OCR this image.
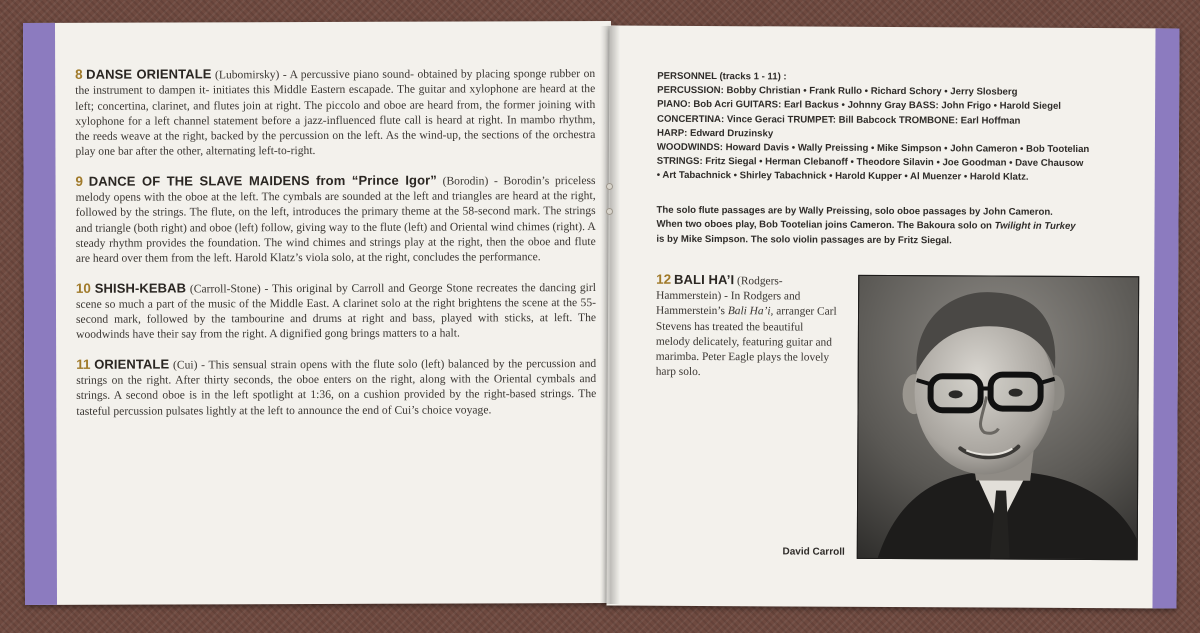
8 DANSE ORIENTALE (Lubomirsky) - A percussive piano sound- obtained by placing sponge rubber on the instrument to dampen it- initiates this Middle Eastern escapade. The guitar and xylophone are heard at the left; concertina, clarinet, and flutes join at right. The piccolo and oboe are heard from, the former joining with xylophone for a left channel statement before a jazz-influenced flute call is heard at right. In mambo rhythm, the reeds weave at the right, backed by the percussion on the left. As the wind-up, the sections of the orchestra play one bar after the other, alternating left-to-right.

9 DANCE OF THE SLAVE MAIDENS from “Prince Igor” (Borodin) - Borodin’s priceless melody opens with the oboe at the left. The cymbals are sounded at the left and triangles are heard at the right, followed by the strings. The flute, on the left, introduces the primary theme at the 58-second mark. The strings and triangle (both right) and oboe (left) follow, giving way to the flute (left) and Oriental wind chimes (right). A steady rhythm provides the foundation. The wind chimes and strings play at the right, then the oboe and flute are heard over them from the left. Harold Klatz’s viola solo, at the right, concludes the performance.

10 SHISH-KEBAB (Carroll-Stone) - This original by Carroll and George Stone recreates the dancing girl scene so much a part of the music of the Middle East. A clarinet solo at the right brightens the scene at the 55-second mark, followed by the tambourine and drums at right and bass, played with sticks, at left. The woodwinds have their say from the right. A dignified gong brings matters to a halt.

11 ORIENTALE (Cui) - This sensual strain opens with the flute solo (left) balanced by the percussion and strings on the right. After thirty seconds, the oboe enters on the right, along with the Oriental cymbals and strings. A second oboe is in the left spotlight at 1:36, on a cushion provided by the right-based strings. The tasteful percussion pulsates lightly at the left to announce the end of Cui’s choice voyage.

PERSONNEL (tracks 1 - 11) :
PERCUSSION: Bobby Christian • Frank Rullo • Richard Schory • Jerry Slosberg
PIANO: Bob Acri GUITARS: Earl Backus • Johnny Gray BASS: John Frigo • Harold Siegel
CONCERTINA: Vince Geraci TRUMPET: Bill Babcock TROMBONE: Earl Hoffman
HARP: Edward Druzinsky
WOODWINDS: Howard Davis • Wally Preissing • Mike Simpson • John Cameron • Bob Tootelian
STRINGS: Fritz Siegal • Herman Clebanoff • Theodore Silavin • Joe Goodman • Dave Chausow
• Art Tabachnick • Shirley Tabachnick • Harold Kupper • Al Muenzer • Harold Klatz.
The solo flute passages are by Wally Preissing, solo oboe passages by John Cameron.
When two oboes play, Bob Tootelian joins Cameron. The Bakoura solo on Twilight in Turkey
is by Mike Simpson. The solo violin passages are by Fritz Siegal.
12 BALI HA’I (Rodgers-Hammerstein) - In Rodgers and Hammerstein’s Bali Ha’i, arranger Carl Stevens has treated the beautiful melody delicately, featuring guitar and marimba. Peter Eagle plays the lovely harp solo.
David Carroll
